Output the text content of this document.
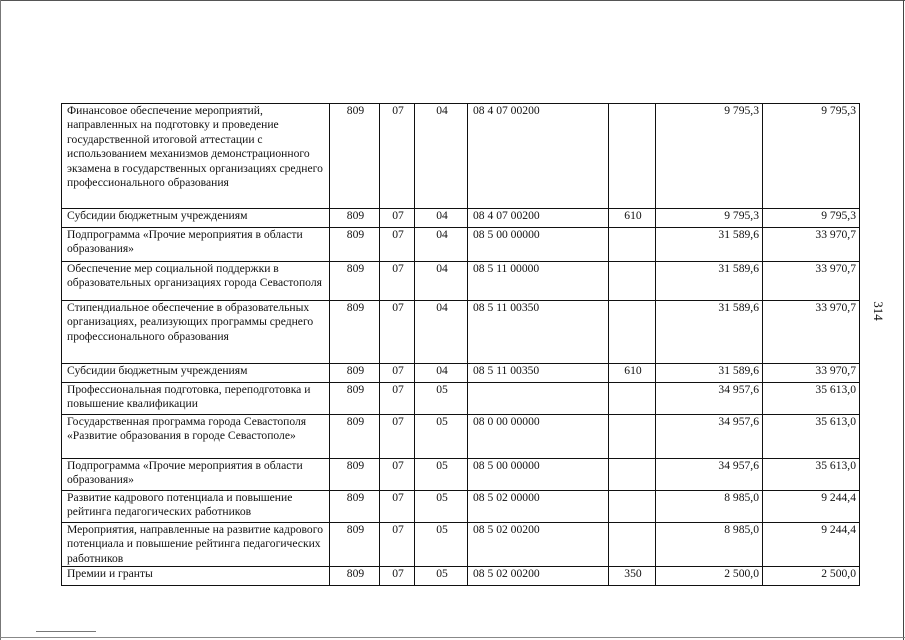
Финансовое обеспечение мероприятий, направленных на подготовку и проведение государственной итоговой аттестации с использованием механизмов демонстрационного экзамена в государственных организациях среднего профессионального образования	809	07	04	08 4 07 00200		9 795,3	9 795,3
Субсидии бюджетным учреждениям	809	07	04	08 4 07 00200	610	9 795,3	9 795,3
Подпрограмма «Прочие мероприятия в области образования»	809	07	04	08 5 00 00000		31 589,6	33 970,7
Обеспечение мер социальной поддержки в образовательных организациях города Севастополя	809	07	04	08 5 11 00000		31 589,6	33 970,7
Стипендиальное обеспечение в образовательных организациях, реализующих программы среднего профессионального образования	809	07	04	08 5 11 00350		31 589,6	33 970,7
Субсидии бюджетным учреждениям	809	07	04	08 5 11 00350	610	31 589,6	33 970,7
Профессиональная подготовка, переподготовка и повышение квалификации	809	07	05			34 957,6	35 613,0
Государственная программа города Севастополя «Развитие образования в городе Севастополе»	809	07	05	08 0 00 00000		34 957,6	35 613,0
Подпрограмма «Прочие мероприятия в области образования»	809	07	05	08 5 00 00000		34 957,6	35 613,0
Развитие кадрового потенциала и повышение рейтинга педагогических работников	809	07	05	08 5 02 00000		8 985,0	9 244,4
Мероприятия, направленные на развитие кадрового потенциала и повышение рейтинга педагогических работников	809	07	05	08 5 02 00200		8 985,0	9 244,4
Премии и гранты	809	07	05	08 5 02 00200	350	2 500,0	2 500,0
314
